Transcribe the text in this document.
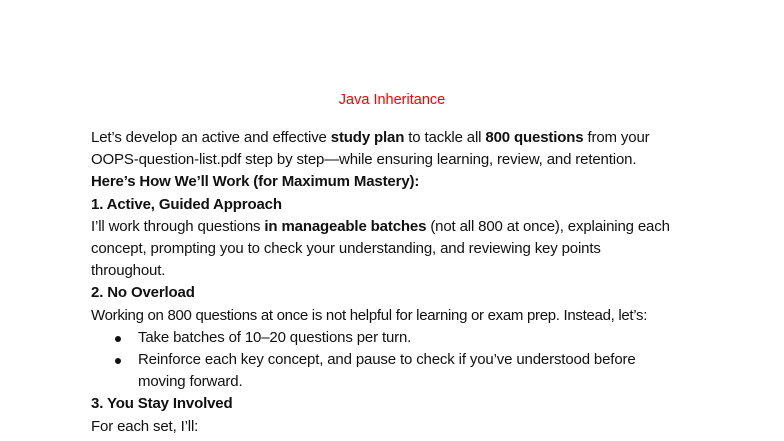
Java Inheritance
Let’s develop an active and effective study plan to tackle all 800 questions from your
OOPS-question-list.pdf step by step—while ensuring learning, review, and retention.
Here’s How We’ll Work (for Maximum Mastery):
1. Active, Guided Approach
I’ll work through questions in manageable batches (not all 800 at once), explaining each
concept, prompting you to check your understanding, and reviewing key points
throughout.
2. No Overload
Working on 800 questions at once is not helpful for learning or exam prep. Instead, let’s:
Take batches of 10–20 questions per turn.
Reinforce each key concept, and pause to check if you’ve understood before
moving forward.
3. You Stay Involved
For each set, I’ll:
